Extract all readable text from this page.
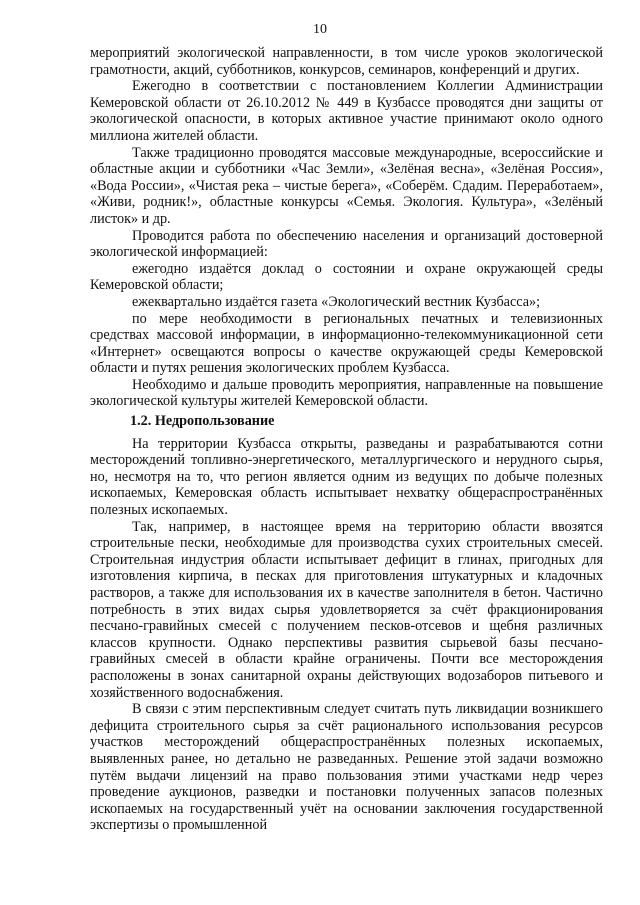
10

мероприятий экологической направленности, в том числе уроков экологической грамотности, акций, субботников, конкурсов, семинаров, конференций и других.

Ежегодно в соответствии с постановлением Коллегии Администрации Кемеровской области от 26.10.2012 № 449 в Кузбассе проводятся дни защиты от экологической опасности, в которых активное участие принимают около одного миллиона жителей области.

Также традиционно проводятся массовые международные, всероссийские и областные акции и субботники «Час Земли», «Зелёная весна», «Зелёная Россия», «Вода России», «Чистая река – чистые берега», «Соберём. Сдадим. Переработаем», «Живи, родник!», областные конкурсы «Семья. Экология. Культура», «Зелёный листок» и др.

Проводится работа по обеспечению населения и организаций достоверной экологической информацией:

ежегодно издаётся доклад о состоянии и охране окружающей среды Кемеровской области;

ежеквартально издаётся газета «Экологический вестник Кузбасса»;

по мере необходимости в региональных печатных и телевизионных средствах массовой информации, в информационно-телекоммуникационной сети «Интернет» освещаются вопросы о качестве окружающей среды Кемеровской области и путях решения экологических проблем Кузбасса.

Необходимо и дальше проводить мероприятия, направленные на повышение экологической культуры жителей Кемеровской области.

1.2. Недропользование

На территории Кузбасса открыты, разведаны и разрабатываются сотни месторождений топливно-энергетического, металлургического и нерудного сырья, но, несмотря на то, что регион является одним из ведущих по добыче полезных ископаемых, Кемеровская область испытывает нехватку общераспространённых полезных ископаемых.

Так, например, в настоящее время на территорию области ввозятся строительные пески, необходимые для производства сухих строительных смесей. Строительная индустрия области испытывает дефицит в глинах, пригодных для изготовления кирпича, в песках для приготовления штукатурных и кладочных растворов, а также для использования их в качестве заполнителя в бетон. Частично потребность в этих видах сырья удовлетворяется за счёт фракционирования песчано-гравийных смесей с получением песков-отсевов и щебня различных классов крупности. Однако перспективы развития сырьевой базы песчано-гравийных смесей в области крайне ограничены. Почти все месторождения расположены в зонах санитарной охраны действующих водозаборов питьевого и хозяйственного водоснабжения.

В связи с этим перспективным следует считать путь ликвидации возникшего дефицита строительного сырья за счёт рационального использования ресурсов участков месторождений общераспространённых полезных ископаемых, выявленных ранее, но детально не разведанных. Решение этой задачи возможно путём выдачи лицензий на право пользования этими участками недр через проведение аукционов, разведки и постановки полученных запасов полезных ископаемых на государственный учёт на основании заключения государственной экспертизы о промышленной
